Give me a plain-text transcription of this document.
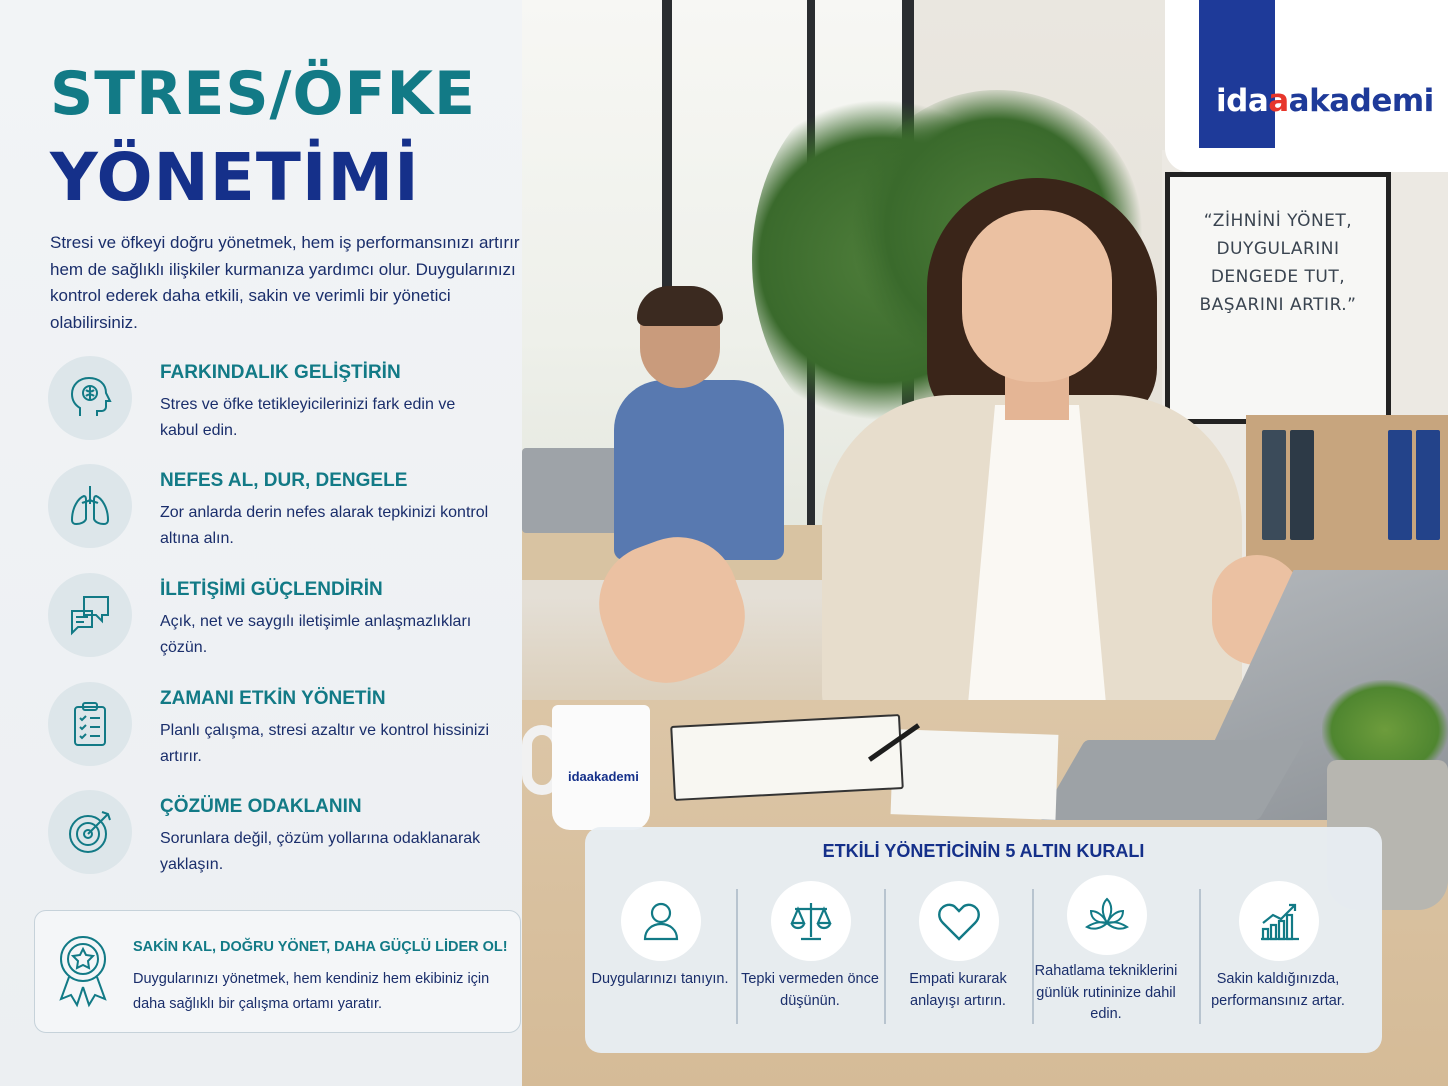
STRES/ÖFKE
YÖNETİMİ
Stresi ve öfkeyi doğru yönetmek, hem iş performansınızı artırır hem de sağlıklı ilişkiler kurmanıza yardımcı olur. Duygularınızı kontrol ederek daha etkili, sakin ve verimli bir yönetici olabilirsiniz.
FARKINDALIK GELİŞTİRİN
Stres ve öfke tetikleyicilerinizi fark edin ve kabul edin.
NEFES AL, DUR, DENGELE
Zor anlarda derin nefes alarak tepkinizi kontrol altına alın.
İLETİŞİMİ GÜÇLENDİRİN
Açık, net ve saygılı iletişimle anlaşmazlıkları çözün.
ZAMANI ETKİN YÖNETİN
Planlı çalışma, stresi azaltır ve kontrol hissinizi artırır.
ÇÖZÜME ODAKLANIN
Sorunlara değil, çözüm yollarına odaklanarak yaklaşın.
SAKİN KAL, DOĞRU YÖNET, DAHA GÜÇLÜ LİDER OL!
Duygularınızı yönetmek, hem kendiniz hem ekibiniz için daha sağlıklı bir çalışma ortamı yaratır.
“ZİHNİNİ YÖNET, DUYGULARINI DENGEDE TUT, BAŞARINI ARTIR.”
idaakademi
idaaakademi
ETKİLİ YÖNETİCİNİN 5 ALTIN KURALI
Duygularınızı tanıyın. Tepki vermeden önce düşünün.
Empati kurarak anlayışı artırın.
Rahatlama tekniklerini günlük rutininize dahil edin.
Sakin kaldığınızda, performansınız artar.
